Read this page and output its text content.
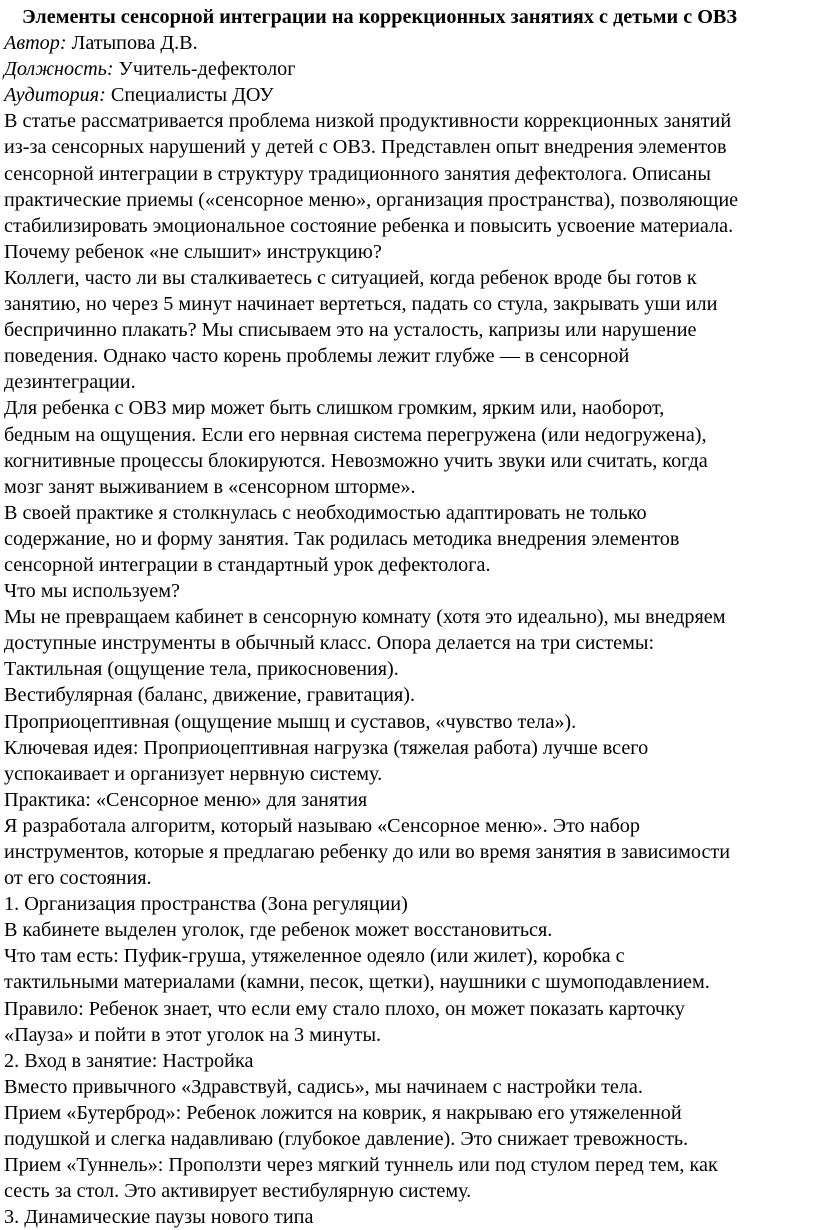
Элементы сенсорной интеграции на коррекционных занятиях с детьми с ОВЗ
Автор: Латыпова Д.В.
Должность: Учитель-дефектолог
Аудитория: Специалисты ДОУ
В статье рассматривается проблема низкой продуктивности коррекционных занятий
из-за сенсорных нарушений у детей с ОВЗ. Представлен опыт внедрения элементов
сенсорной интеграции в структуру традиционного занятия дефектолога. Описаны
практические приемы («сенсорное меню», организация пространства), позволяющие
стабилизировать эмоциональное состояние ребенка и повысить усвоение материала.
Почему ребенок «не слышит» инструкцию?
Коллеги, часто ли вы сталкиваетесь с ситуацией, когда ребенок вроде бы готов к
занятию, но через 5 минут начинает вертеться, падать со стула, закрывать уши или
беспричинно плакать? Мы списываем это на усталость, капризы или нарушение
поведения. Однако часто корень проблемы лежит глубже — в сенсорной
дезинтеграции.
Для ребенка с ОВЗ мир может быть слишком громким, ярким или, наоборот,
бедным на ощущения. Если его нервная система перегружена (или недогружена),
когнитивные процессы блокируются. Невозможно учить звуки или считать, когда
мозг занят выживанием в «сенсорном шторме».
В своей практике я столкнулась с необходимостью адаптировать не только
содержание, но и форму занятия. Так родилась методика внедрения элементов
сенсорной интеграции в стандартный урок дефектолога.
Что мы используем?
Мы не превращаем кабинет в сенсорную комнату (хотя это идеально), мы внедряем
доступные инструменты в обычный класс. Опора делается на три системы:
Тактильная (ощущение тела, прикосновения).
Вестибулярная (баланс, движение, гравитация).
Проприоцептивная (ощущение мышц и суставов, «чувство тела»).
Ключевая идея: Проприоцептивная нагрузка (тяжелая работа) лучше всего
успокаивает и организует нервную систему.
Практика: «Сенсорное меню» для занятия
Я разработала алгоритм, который называю «Сенсорное меню». Это набор
инструментов, которые я предлагаю ребенку до или во время занятия в зависимости
от его состояния.
1. Организация пространства (Зона регуляции)
В кабинете выделен уголок, где ребенок может восстановиться.
Что там есть: Пуфик-груша, утяжеленное одеяло (или жилет), коробка с
тактильными материалами (камни, песок, щетки), наушники с шумоподавлением.
Правило: Ребенок знает, что если ему стало плохо, он может показать карточку
«Пауза» и пойти в этот уголок на 3 минуты.
2. Вход в занятие: Настройка
Вместо привычного «Здравствуй, садись», мы начинаем с настройки тела.
Прием «Бутерброд»: Ребенок ложится на коврик, я накрываю его утяжеленной
подушкой и слегка надавливаю (глубокое давление). Это снижает тревожность.
Прием «Туннель»: Проползти через мягкий туннель или под стулом перед тем, как
сесть за стол. Это активирует вестибулярную систему.
3. Динамические паузы нового типа
